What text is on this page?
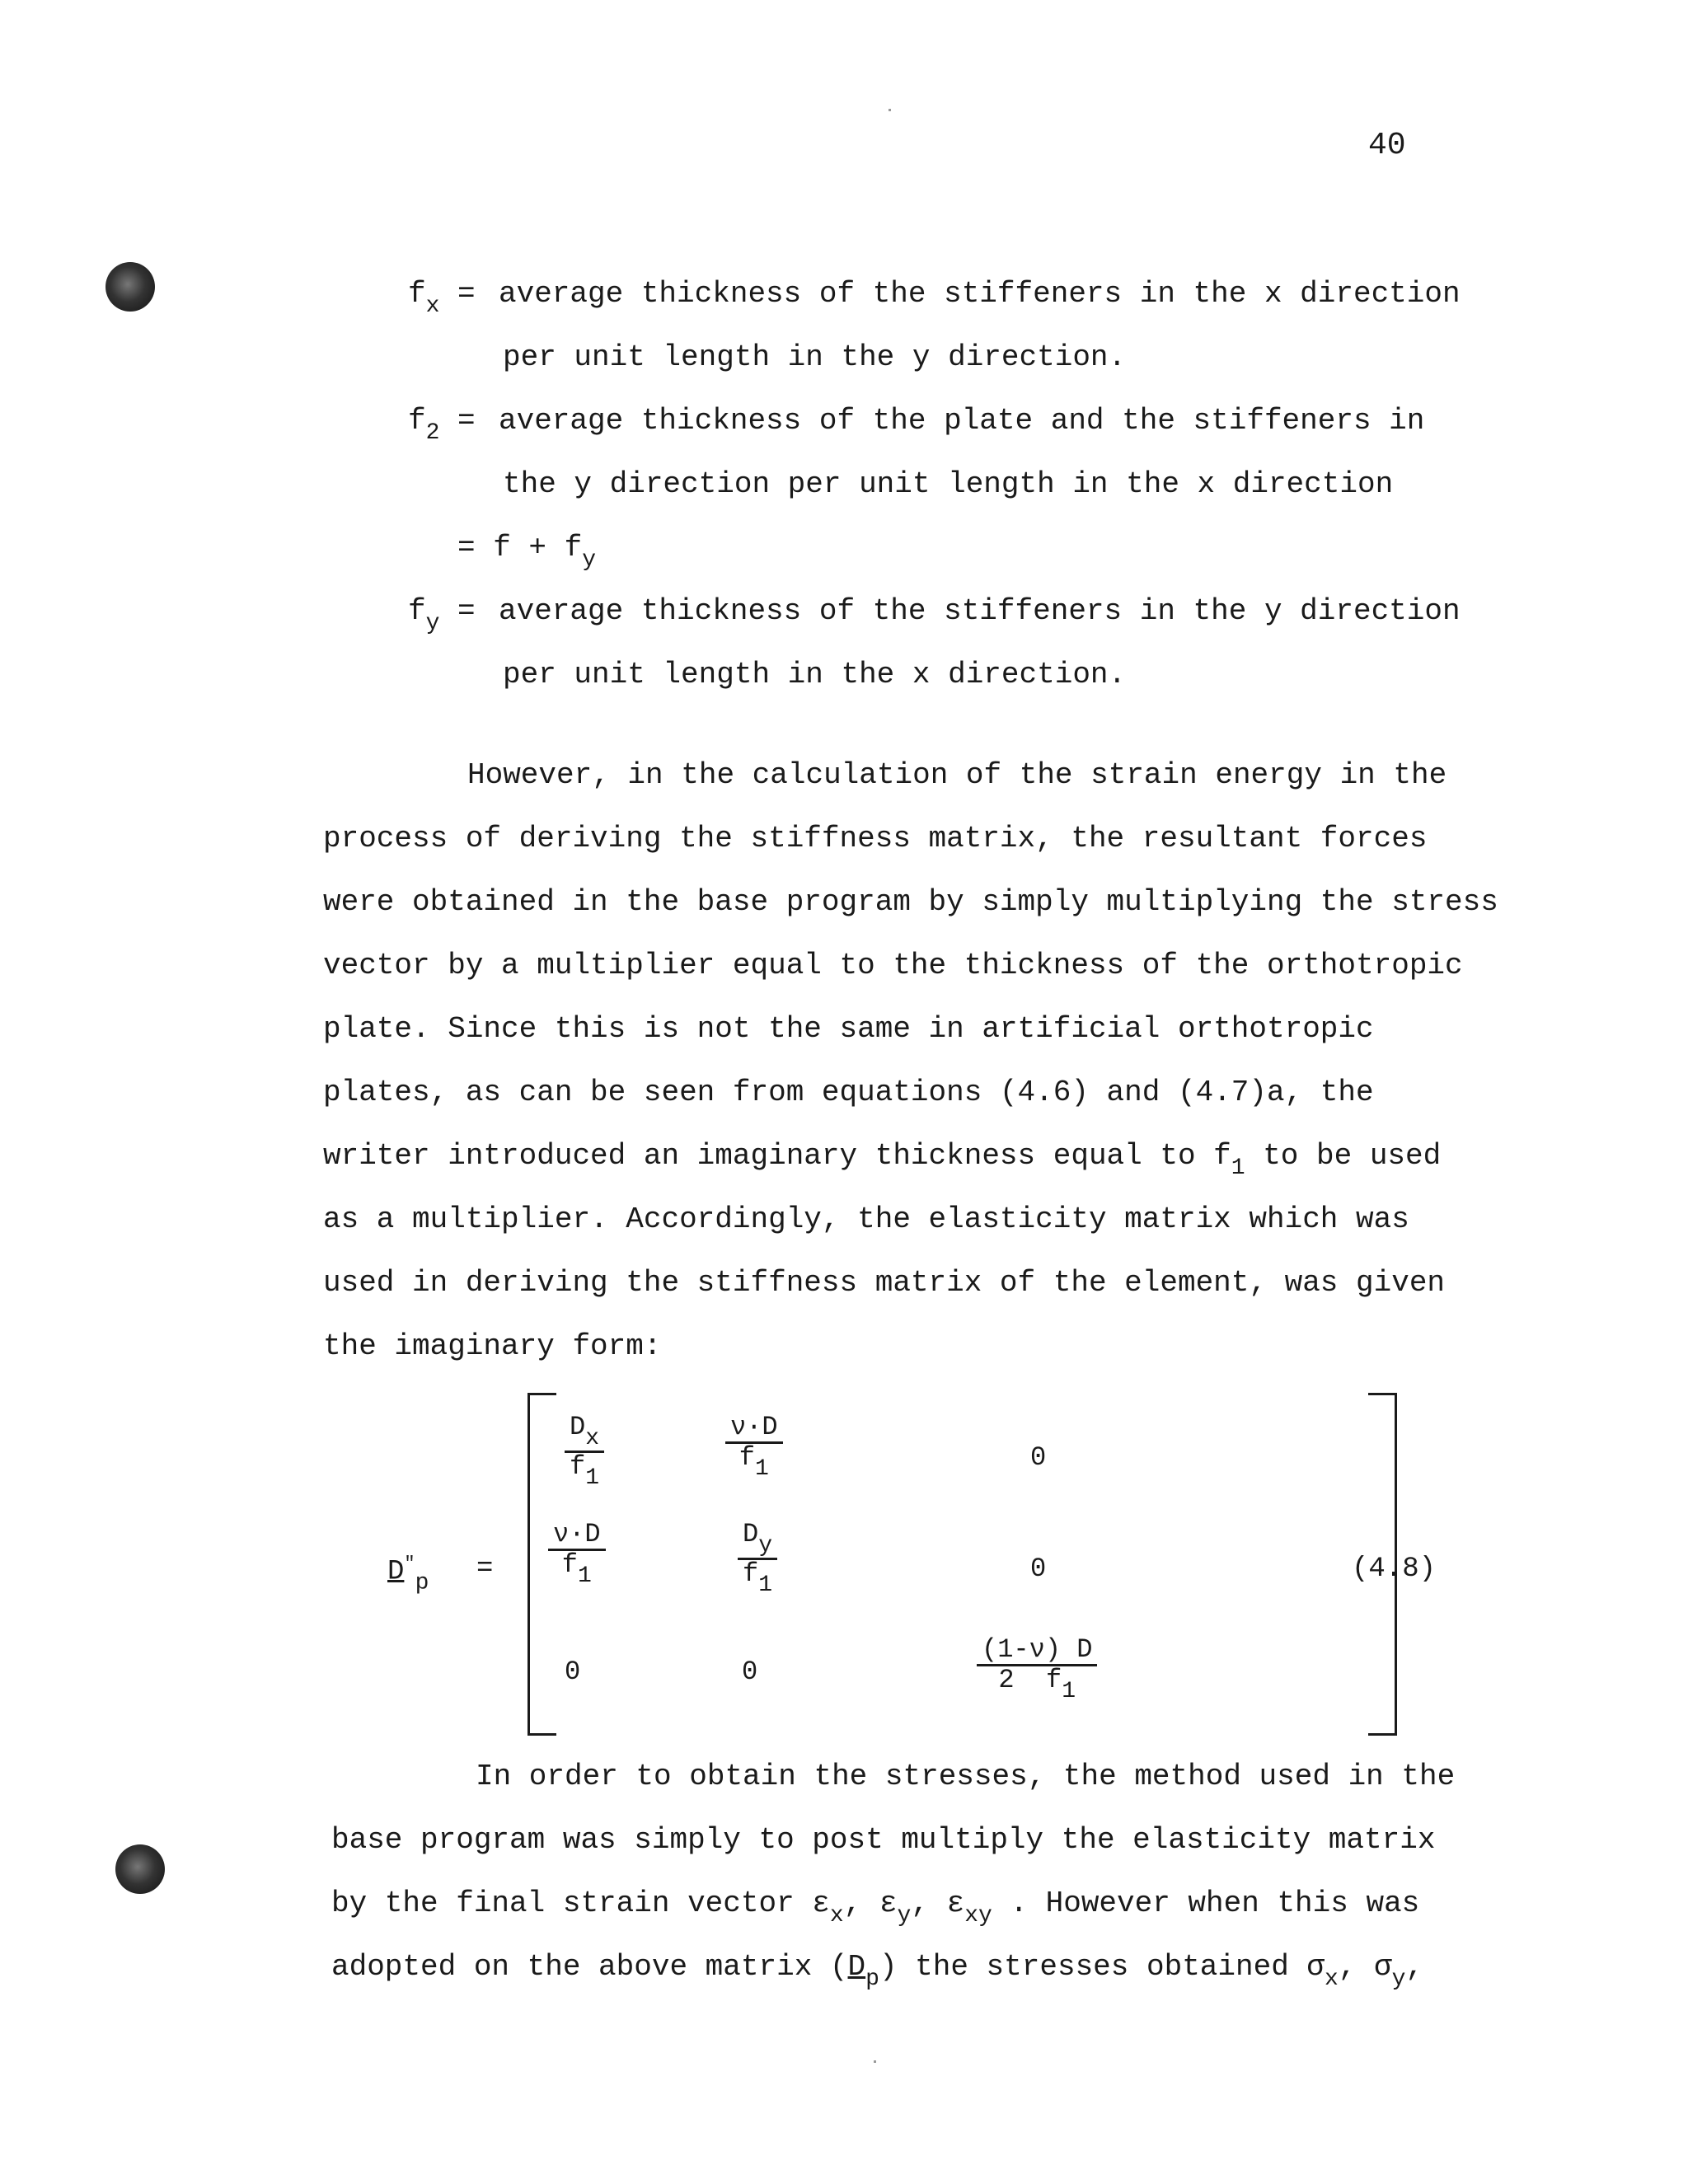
40
$f_x$ = average thickness of the stiffeners in the x direction
per unit length in the y direction.
$f_2$ = average thickness of the plate and the stiffeners in
the y direction per unit length in the x direction
= $f + f_y$
$f_y$ = average thickness of the stiffeners in the y direction
per unit length in the x direction.
However, in the calculation of the strain energy in the
process of deriving the stiffness matrix, the resultant forces
were obtained in the base program by simply multiplying the stress
vector by a multiplier equal to the thickness of the orthotropic
plate. Since this is not the same in artificial orthotropic
plates, as can be seen from equations (4.6) and (4.7)a, the
writer introduced an imaginary thickness equal to $f_1$ to be used
as a multiplier. Accordingly, the elasticity matrix which was
used in deriving the stiffness matrix of the element, was given
the imaginary form:
$D^"_p$ =
$\frac{D_x}{f_1}$	$\frac{\nu\cdot D}{f_1}$	0
$\frac{\nu\cdot D}{f_1}$	$\frac{D_y}{f_1}$	0
0	0	$\frac{(1-\nu) D}{2 f_1}$
(4.8)
In order to obtain the stresses, the method used in the
base program was simply to post multiply the elasticity matrix
by the final strain vector $\varepsilon_x$, $\varepsilon_y$, $\varepsilon_{xy}$ . However when this was
adopted on the above matrix $(D_p)$ the stresses obtained $\sigma_x$, $\sigma_y$,
